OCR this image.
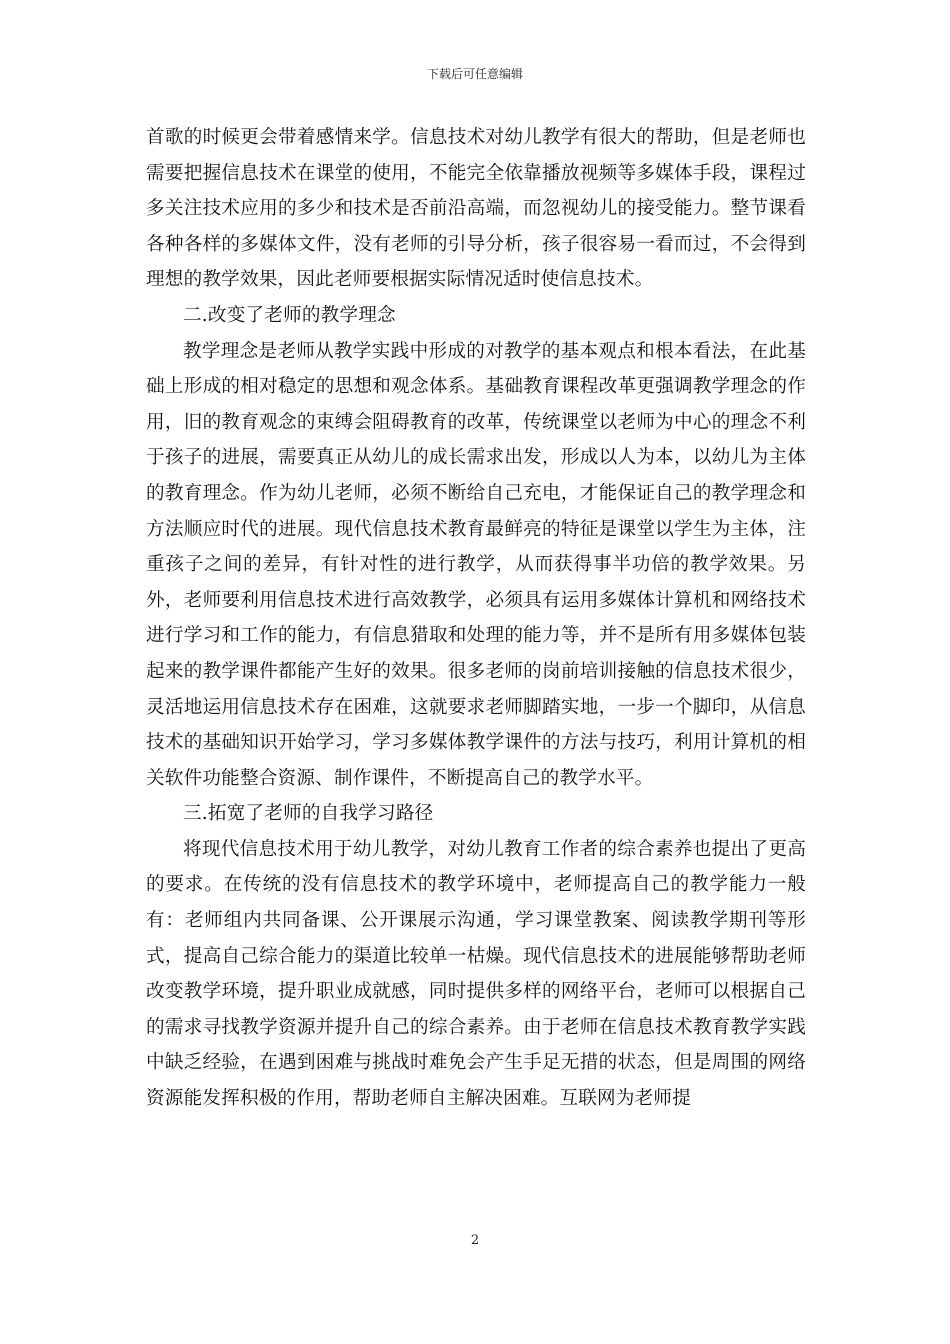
下载后可任意编辑

首歌的时候更会带着感情来学。信息技术对幼儿教学有很大的帮助，但是老师也需要把握信息技术在课堂的使用，不能完全依靠播放视频等多媒体手段，课程过多关注技术应用的多少和技术是否前沿高端，而忽视幼儿的接受能力。整节课看各种各样的多媒体文件，没有老师的引导分析，孩子很容易一看而过，不会得到理想的教学效果，因此老师要根据实际情况适时使信息技术。

二.改变了老师的教学理念

教学理念是老师从教学实践中形成的对教学的基本观点和根本看法，在此基础上形成的相对稳定的思想和观念体系。基础教育课程改革更强调教学理念的作用，旧的教育观念的束缚会阻碍教育的改革，传统课堂以老师为中心的理念不利于孩子的进展，需要真正从幼儿的成长需求出发，形成以人为本，以幼儿为主体的教育理念。作为幼儿老师，必须不断给自己充电，才能保证自己的教学理念和方法顺应时代的进展。现代信息技术教育最鲜亮的特征是课堂以学生为主体，注重孩子之间的差异，有针对性的进行教学，从而获得事半功倍的教学效果。另外，老师要利用信息技术进行高效教学，必须具有运用多媒体计算机和网络技术进行学习和工作的能力，有信息猎取和处理的能力等，并不是所有用多媒体包装起来的教学课件都能产生好的效果。很多老师的岗前培训接触的信息技术很少，灵活地运用信息技术存在困难，这就要求老师脚踏实地，一步一个脚印，从信息技术的基础知识开始学习，学习多媒体教学课件的方法与技巧，利用计算机的相关软件功能整合资源、制作课件，不断提高自己的教学水平。

三.拓宽了老师的自我学习路径

将现代信息技术用于幼儿教学，对幼儿教育工作者的综合素养也提出了更高的要求。在传统的没有信息技术的教学环境中，老师提高自己的教学能力一般有：老师组内共同备课、公开课展示沟通，学习课堂教案、阅读教学期刊等形式，提高自己综合能力的渠道比较单一枯燥。现代信息技术的进展能够帮助老师改变教学环境，提升职业成就感，同时提供多样的网络平台，老师可以根据自己的需求寻找教学资源并提升自己的综合素养。由于老师在信息技术教育教学实践中缺乏经验，在遇到困难与挑战时难免会产生手足无措的状态，但是周围的网络资源能发挥积极的作用，帮助老师自主解决困难。互联网为老师提

2
